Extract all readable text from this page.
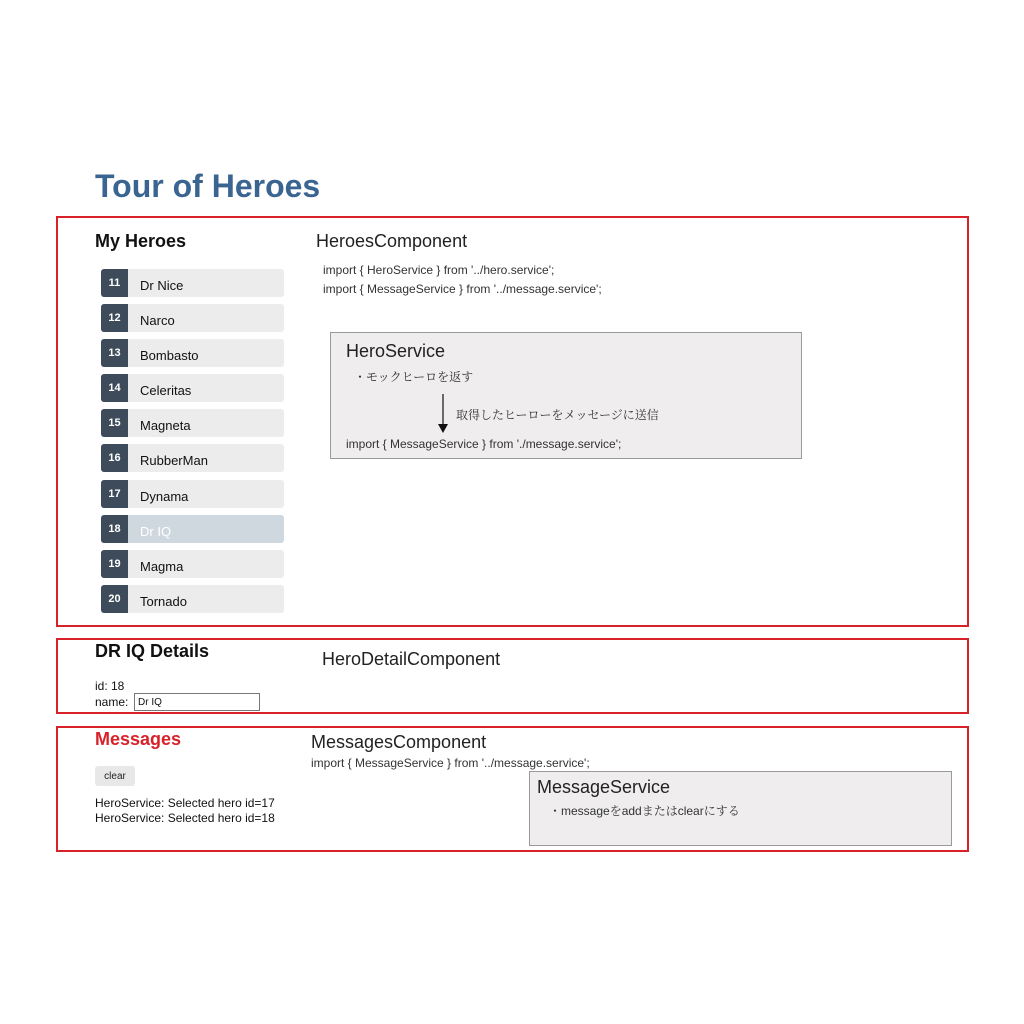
Tour of Heroes
My Heroes	HeroesComponent
import { HeroService } from '../hero.service';
import { MessageService } from '../message.service';
11	Dr Nice
12	Narco
13	Bombasto
14	Celeritas
15	Magneta
16	RubberMan
17	Dynama
18	Dr IQ
19	Magma
20	Tornado
HeroService
・モックヒーロを返す
取得したヒーローをメッセージに送信
import { MessageService } from './message.service';
DR IQ Details	HeroDetailComponent
id: 18
name:
Dr IQ
Messages	MessagesComponent
import { MessageService } from '../message.service';
clear
HeroService: Selected hero id=17
HeroService: Selected hero id=18
MessageService
・messageをaddまたはclearにする
